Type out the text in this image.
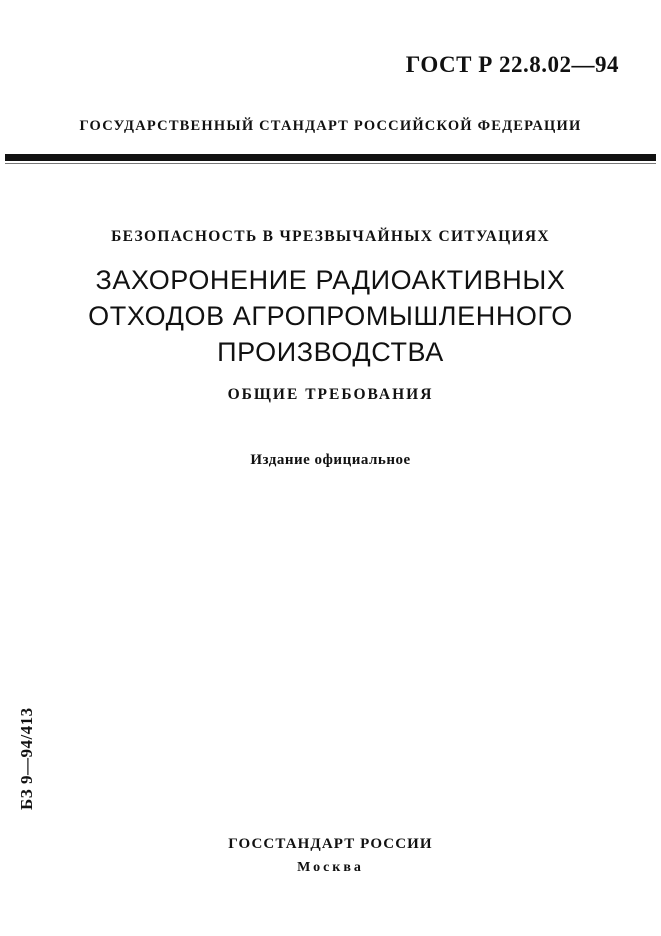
ГОСТ Р 22.8.02—94
ГОСУДАРСТВЕННЫЙ СТАНДАРТ РОССИЙСКОЙ ФЕДЕРАЦИИ
БЕЗОПАСНОСТЬ В ЧРЕЗВЫЧАЙНЫХ СИТУАЦИЯХ
ЗАХОРОНЕНИЕ РАДИОАКТИВНЫХ
ОТХОДОВ АГРОПРОМЫШЛЕННОГО
ПРОИЗВОДСТВА
ОБЩИЕ ТРЕБОВАНИЯ
Издание официальное
БЗ 9—94/413
ГОССТАНДАРТ РОССИИ
Москва
